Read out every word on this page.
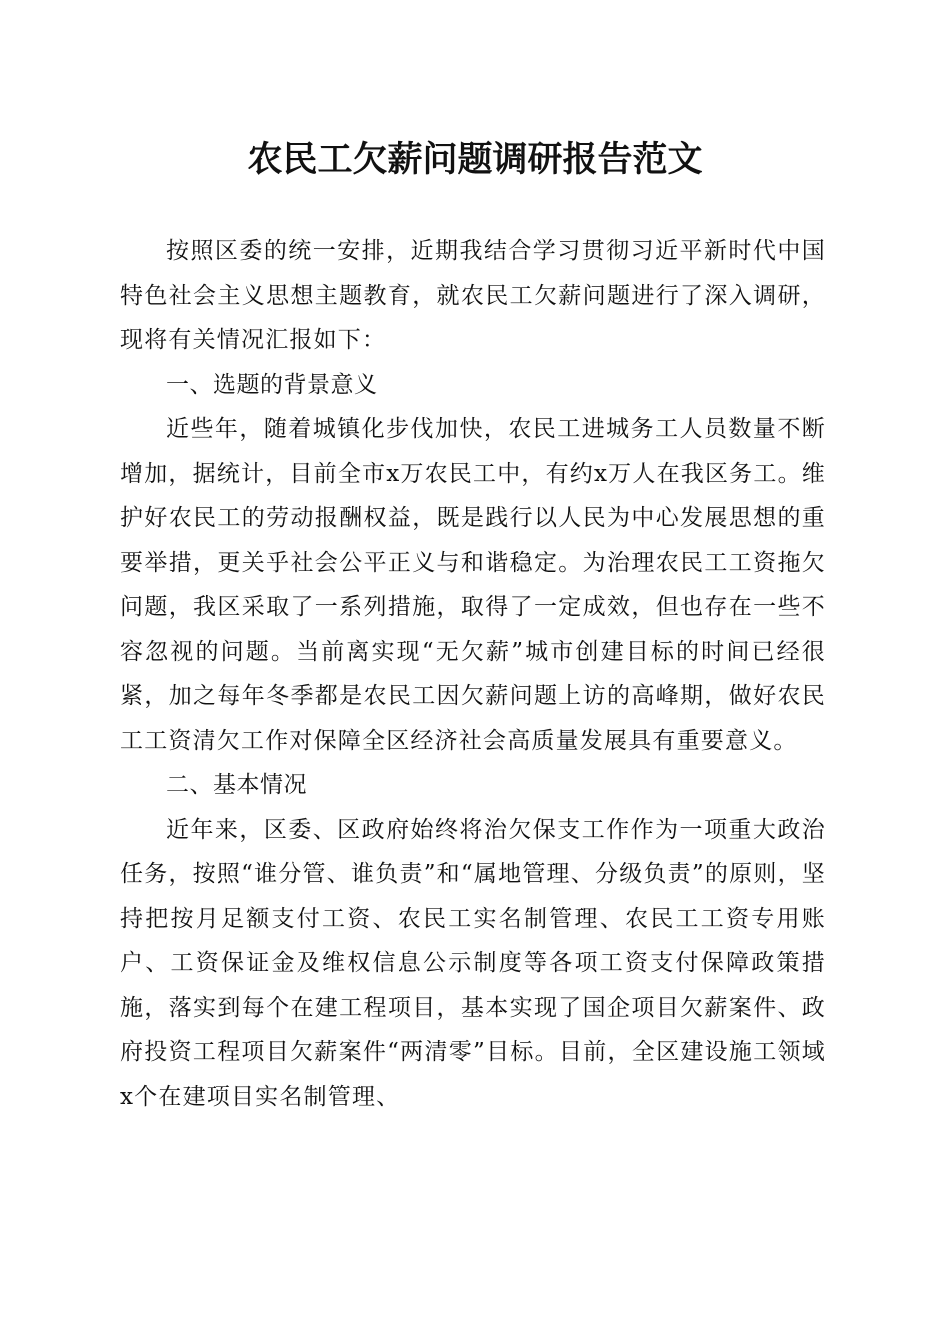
农民工欠薪问题调研报告范文

按照区委的统一安排，近期我结合学习贯彻习近平新时代中国特色社会主义思想主题教育，就农民工欠薪问题进行了深入调研，现将有关情况汇报如下：

一、选题的背景意义

近些年，随着城镇化步伐加快，农民工进城务工人员数量不断增加，据统计，目前全市x万农民工中，有约x万人在我区务工。维护好农民工的劳动报酬权益，既是践行以人民为中心发展思想的重要举措，更关乎社会公平正义与和谐稳定。为治理农民工工资拖欠问题，我区采取了一系列措施，取得了一定成效，但也存在一些不容忽视的问题。当前离实现“无欠薪”城市创建目标的时间已经很紧，加之每年冬季都是农民工因欠薪问题上访的高峰期，做好农民工工资清欠工作对保障全区经济社会高质量发展具有重要意义。

二、基本情况

近年来，区委、区政府始终将治欠保支工作作为一项重大政治任务，按照“谁分管、谁负责”和“属地管理、分级负责”的原则，坚持把按月足额支付工资、农民工实名制管理、农民工工资专用账户、工资保证金及维权信息公示制度等各项工资支付保障政策措施，落实到每个在建工程项目，基本实现了国企项目欠薪案件、政府投资工程项目欠薪案件“两清零”目标。目前，全区建设施工领域x个在建项目实名制管理、
